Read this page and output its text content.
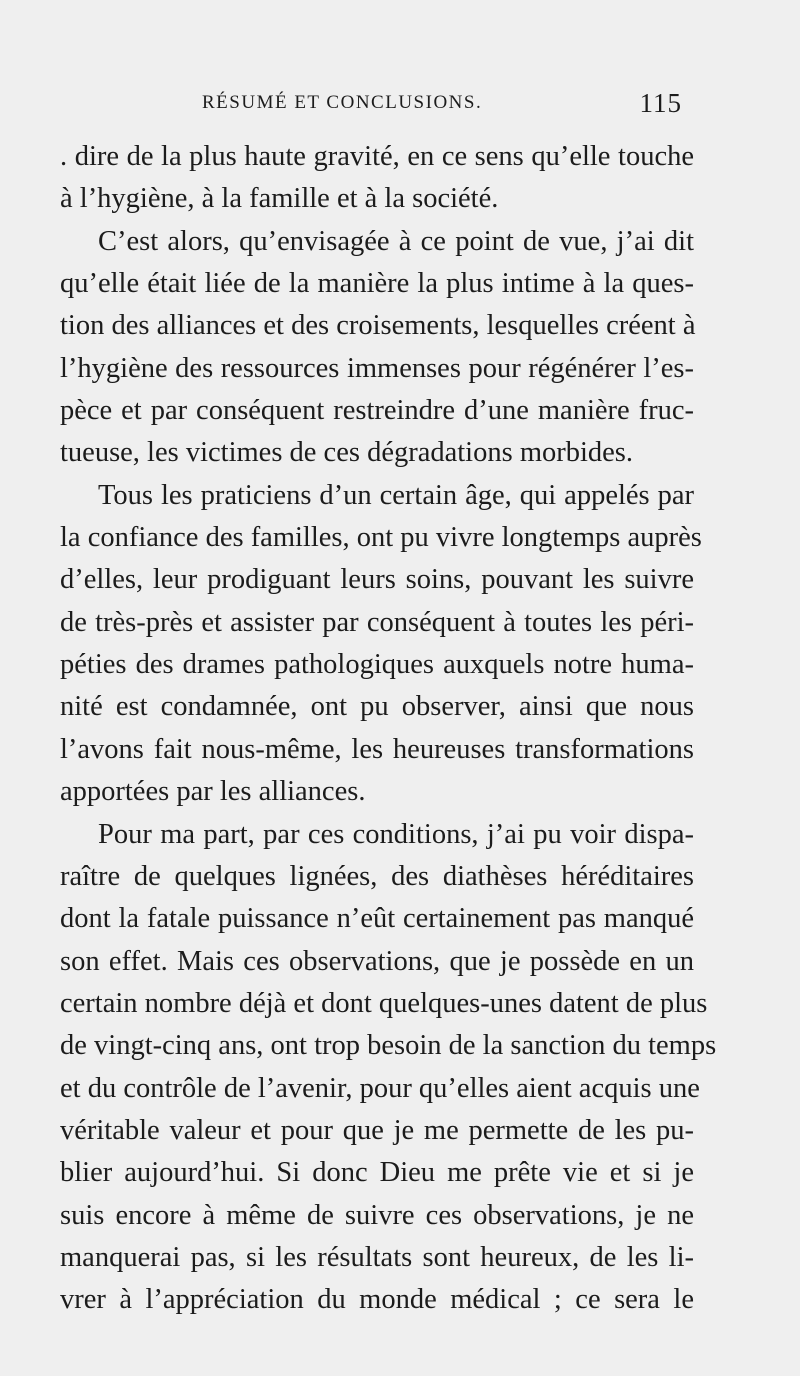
RÉSUMÉ ET CONCLUSIONS.	115
. dire de la plus haute gravité, en ce sens qu’elle touche
à l’hygiène, à la famille et à la société.
C’est alors, qu’envisagée à ce point de vue, j’ai dit
qu’elle était liée de la manière la plus intime à la ques-
tion des alliances et des croisements, lesquelles créent à
l’hygiène des ressources immenses pour régénérer l’es-
pèce et par conséquent restreindre d’une manière fruc-
tueuse, les victimes de ces dégradations morbides.
Tous les praticiens d’un certain âge, qui appelés par
la confiance des familles, ont pu vivre longtemps auprès
d’elles, leur prodiguant leurs soins, pouvant les suivre
de très-près et assister par conséquent à toutes les péri-
péties des drames pathologiques auxquels notre huma-
nité est condamnée, ont pu observer, ainsi que nous
l’avons fait nous-même, les heureuses transformations
apportées par les alliances.
Pour ma part, par ces conditions, j’ai pu voir dispa-
raître de quelques lignées, des diathèses héréditaires
dont la fatale puissance n’eût certainement pas manqué
son effet. Mais ces observations, que je possède en un
certain nombre déjà et dont quelques-unes datent de plus
de vingt-cinq ans, ont trop besoin de la sanction du temps
et du contrôle de l’avenir, pour qu’elles aient acquis une
véritable valeur et pour que je me permette de les pu-
blier aujourd’hui. Si donc Dieu me prête vie et si je
suis encore à même de suivre ces observations, je ne
manquerai pas, si les résultats sont heureux, de les li-
vrer à l’appréciation du monde médical ; ce sera le
